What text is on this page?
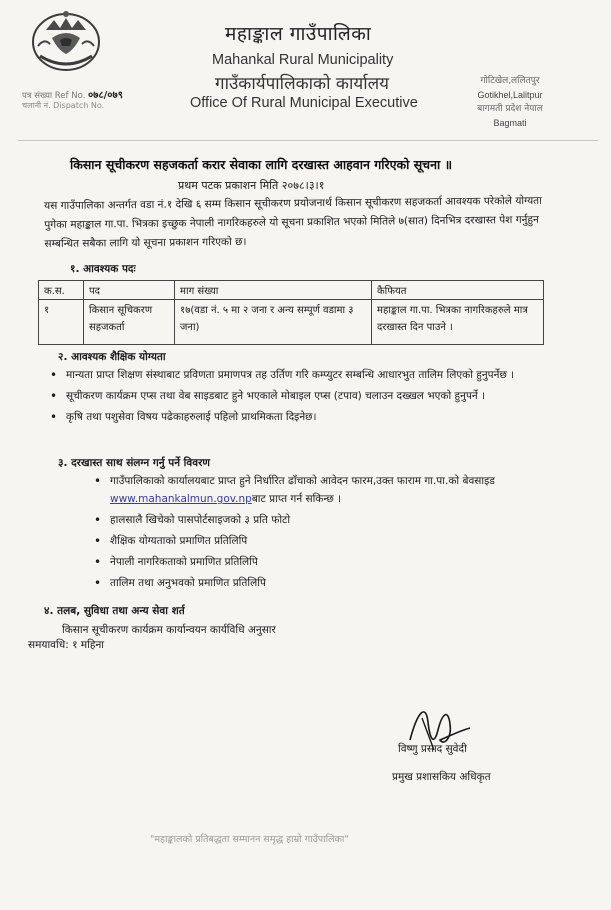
महाङ्काल गाउँपालिका
Mahankal Rural Municipality
गाउँकार्यपालिकाको कार्यालय
Office Of Rural Municipal Executive
पत्र संख्या Ref No. ०७८/०७९
चलानी नं. Dispatch No.
गोटिखेल,ललितपुर
Gotikhel,Lalitpur
बागमती प्रदेश नेपाल
Bagmati
किसान सूचीकरण सहजकर्ता करार सेवाका लागि दरखास्त आहवान गरिएको सूचना ॥
प्रथम पटक प्रकाशन मिति २०७८।३।१
यस गाउँपालिका अन्तर्गत वडा नं.१ देखि ६ सम्म किसान सूचीकरण प्रयोजनार्थ किसान सूचीकरण सहजकर्ता आवश्यक परेकोले योग्यता पुगेका महाङ्काल गा.पा. भित्रका इच्छुक नेपाली नागरिकहरुले यो सूचना प्रकाशित भएको मितिले ७(सात) दिनभित्र दरखास्त पेश गर्नुहुन सम्बन्धित सबैका लागि यो सूचना प्रकाशन गरिएको छ।
१. आवश्यक पदः
क.स.	पद	माग संख्या	कैफियत
१	किसान सूचिकरण सहजकर्ता	१७(वडा नं. ५ मा २ जना र अन्य सम्पूर्ण वडामा ३ जना)	महाङ्काल गा.पा. भित्रका नागरिकहरुले मात्र दरखास्त दिन पाउने ।
२. आवश्यक शैक्षिक योग्यता
• मान्यता प्राप्त शिक्षण संस्थाबाट प्रविणता प्रमाणपत्र तह उर्तिण गरि कम्प्युटर सम्बन्धि आधारभुत तालिम लिएको हुनुपर्नेछ ।
• सूचीकरण कार्यक्रम एप्स तथा वेब साइडबाट हुने भएकाले मोबाइल एप्स (टपाव) चलाउन दख्खल भएको हुनुपर्ने ।
• कृषि तथा पशुसेवा विषय पढेकाहरुलाई पहिलो प्राथमिकता दिइनेछ।
३. दरखास्त साथ संलग्न गर्नु पर्ने विवरण
• गाउँपालिकाको कार्यालयबाट प्राप्त हुने निर्धारित ढाँचाको आवेदन फारम,उक्त फाराम गा.पा.को बेवसाइड www.mahankalmun.gov.npबाट प्राप्त गर्न सकिन्छ ।
• हालसालै खिचेको पासपोर्टसाइजको ३ प्रति फोटो
• शैक्षिक योग्यताको प्रमाणित प्रतिलिपि
• नेपाली नागरिकताको प्रमाणित प्रतिलिपि
• तालिम तथा अनुभवको प्रमाणित प्रतिलिपि
४. तलब, सुविधा तथा अन्य सेवा शर्त
किसान सूचीकरण कार्यक्रम कार्यान्वयन कार्यविधि अनुसार
समयावधि: १ महिना
विष्णु प्रसाद सुवेदी
प्रमुख प्रशासकिय अधिकृत
"महाङ्कालको प्रतिबद्धता सम्मानन समृद्ध हाम्रो गाउँपालिका"
